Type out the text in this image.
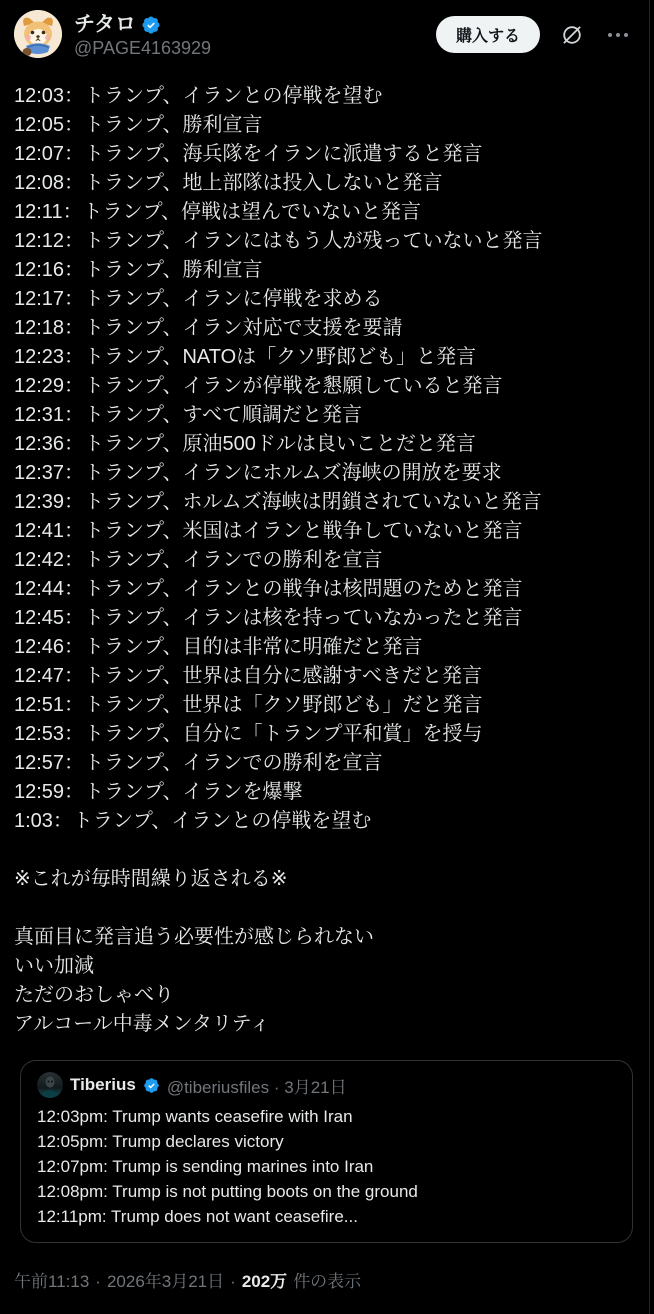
チタロ
@PAGE4163929
購入する
12:03：トランプ、イランとの停戦を望む
12:05：トランプ、勝利宣言
12:07：トランプ、海兵隊をイランに派遣すると発言
12:08：トランプ、地上部隊は投入しないと発言
12:11：トランプ、停戦は望んでいないと発言
12:12：トランプ、イランにはもう人が残っていないと発言
12:16：トランプ、勝利宣言
12:17：トランプ、イランに停戦を求める
12:18：トランプ、イラン対応で支援を要請
12:23：トランプ、NATOは「クソ野郎ども」と発言
12:29：トランプ、イランが停戦を懇願していると発言
12:31：トランプ、すべて順調だと発言
12:36：トランプ、原油500ドルは良いことだと発言
12:37：トランプ、イランにホルムズ海峡の開放を要求
12:39：トランプ、ホルムズ海峡は閉鎖されていないと発言
12:41：トランプ、米国はイランと戦争していないと発言
12:42：トランプ、イランでの勝利を宣言
12:44：トランプ、イランとの戦争は核問題のためと発言
12:45：トランプ、イランは核を持っていなかったと発言
12:46：トランプ、目的は非常に明確だと発言
12:47：トランプ、世界は自分に感謝すべきだと発言
12:51：トランプ、世界は「クソ野郎ども」だと発言
12:53：トランプ、自分に「トランプ平和賞」を授与
12:57：トランプ、イランでの勝利を宣言
12:59：トランプ、イランを爆撃
1:03：トランプ、イランとの停戦を望む
※これが毎時間繰り返される※
真面目に発言追う必要性が感じられない
いい加減
ただのおしゃべり
アルコール中毒メンタリティ
Tiberius @tiberiusfiles · 3月21日
12:03pm: Trump wants ceasefire with Iran
12:05pm: Trump declares victory
12:07pm: Trump is sending marines into Iran
12:08pm: Trump is not putting boots on the ground
12:11pm: Trump does not want ceasefire...
午前11:13 · 2026年3月21日 · 202万 件の表示
